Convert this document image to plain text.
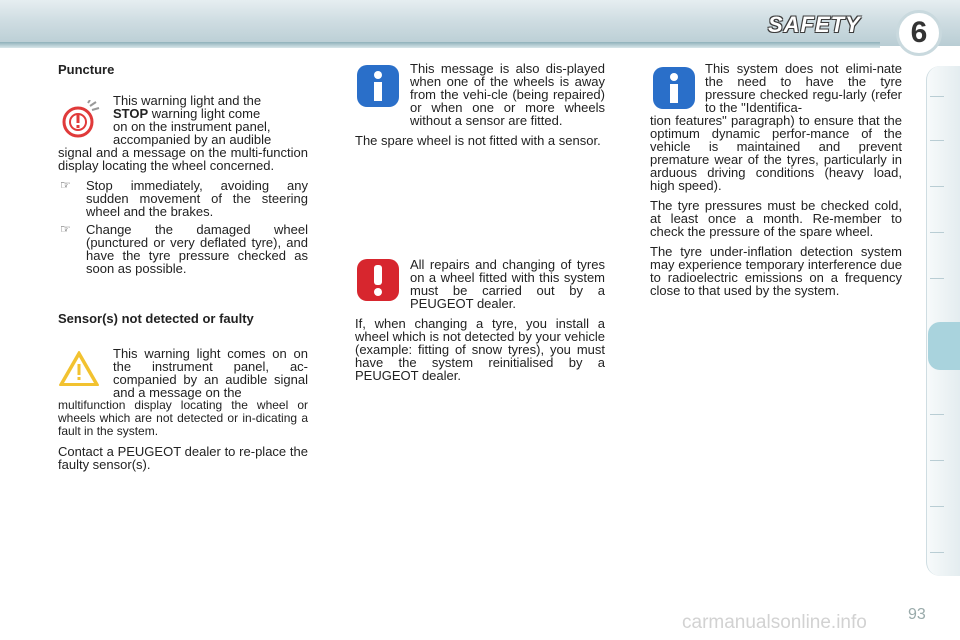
SAFETY	6
Puncture
This warning light and the
STOP warning light come
on on the instrument panel,
accompanied by an audible

signal and a message on the multi-function display locating the wheel concerned.

☞ Stop immediately, avoiding any sudden movement of the steering wheel and the brakes.
☞ Change the damaged wheel (punctured or very deflated tyre), and have the tyre pressure checked as soon as possible.
Sensor(s) not detected or faulty

This warning light comes on on the instrument panel, ac-companied by an audible signal and a message on the

multifunction display locating the wheel or wheels which are not detected or in-dicating a fault in the system.

Contact a PEUGEOT dealer to re-place the faulty sensor(s).

This message is also dis-played when one of the wheels is away from the vehi-cle (being repaired) or when one or more wheels without a sensor are fitted.

The spare wheel is not fitted with a sensor.

All repairs and changing of tyres on a wheel fitted with this system must be carried out by a PEUGEOT dealer.

If, when changing a tyre, you install a wheel which is not detected by your vehicle (example: fitting of snow tyres), you must have the system reinitialised by a PEUGEOT dealer.

This system does not elimi-nate the need to have the tyre pressure checked regu-larly (refer to the "Identifica-

tion features" paragraph) to ensure that the optimum dynamic perfor-mance of the vehicle is maintained and prevent premature wear of the tyres, particularly in arduous driving conditions (heavy load, high speed).

The tyre pressures must be checked cold, at least once a month. Re-member to check the pressure of the spare wheel.

The tyre under-inflation detection system may experience temporary interference due to radioelectric emissions on a frequency close to that used by the system.

93
carmanualsonline.info
